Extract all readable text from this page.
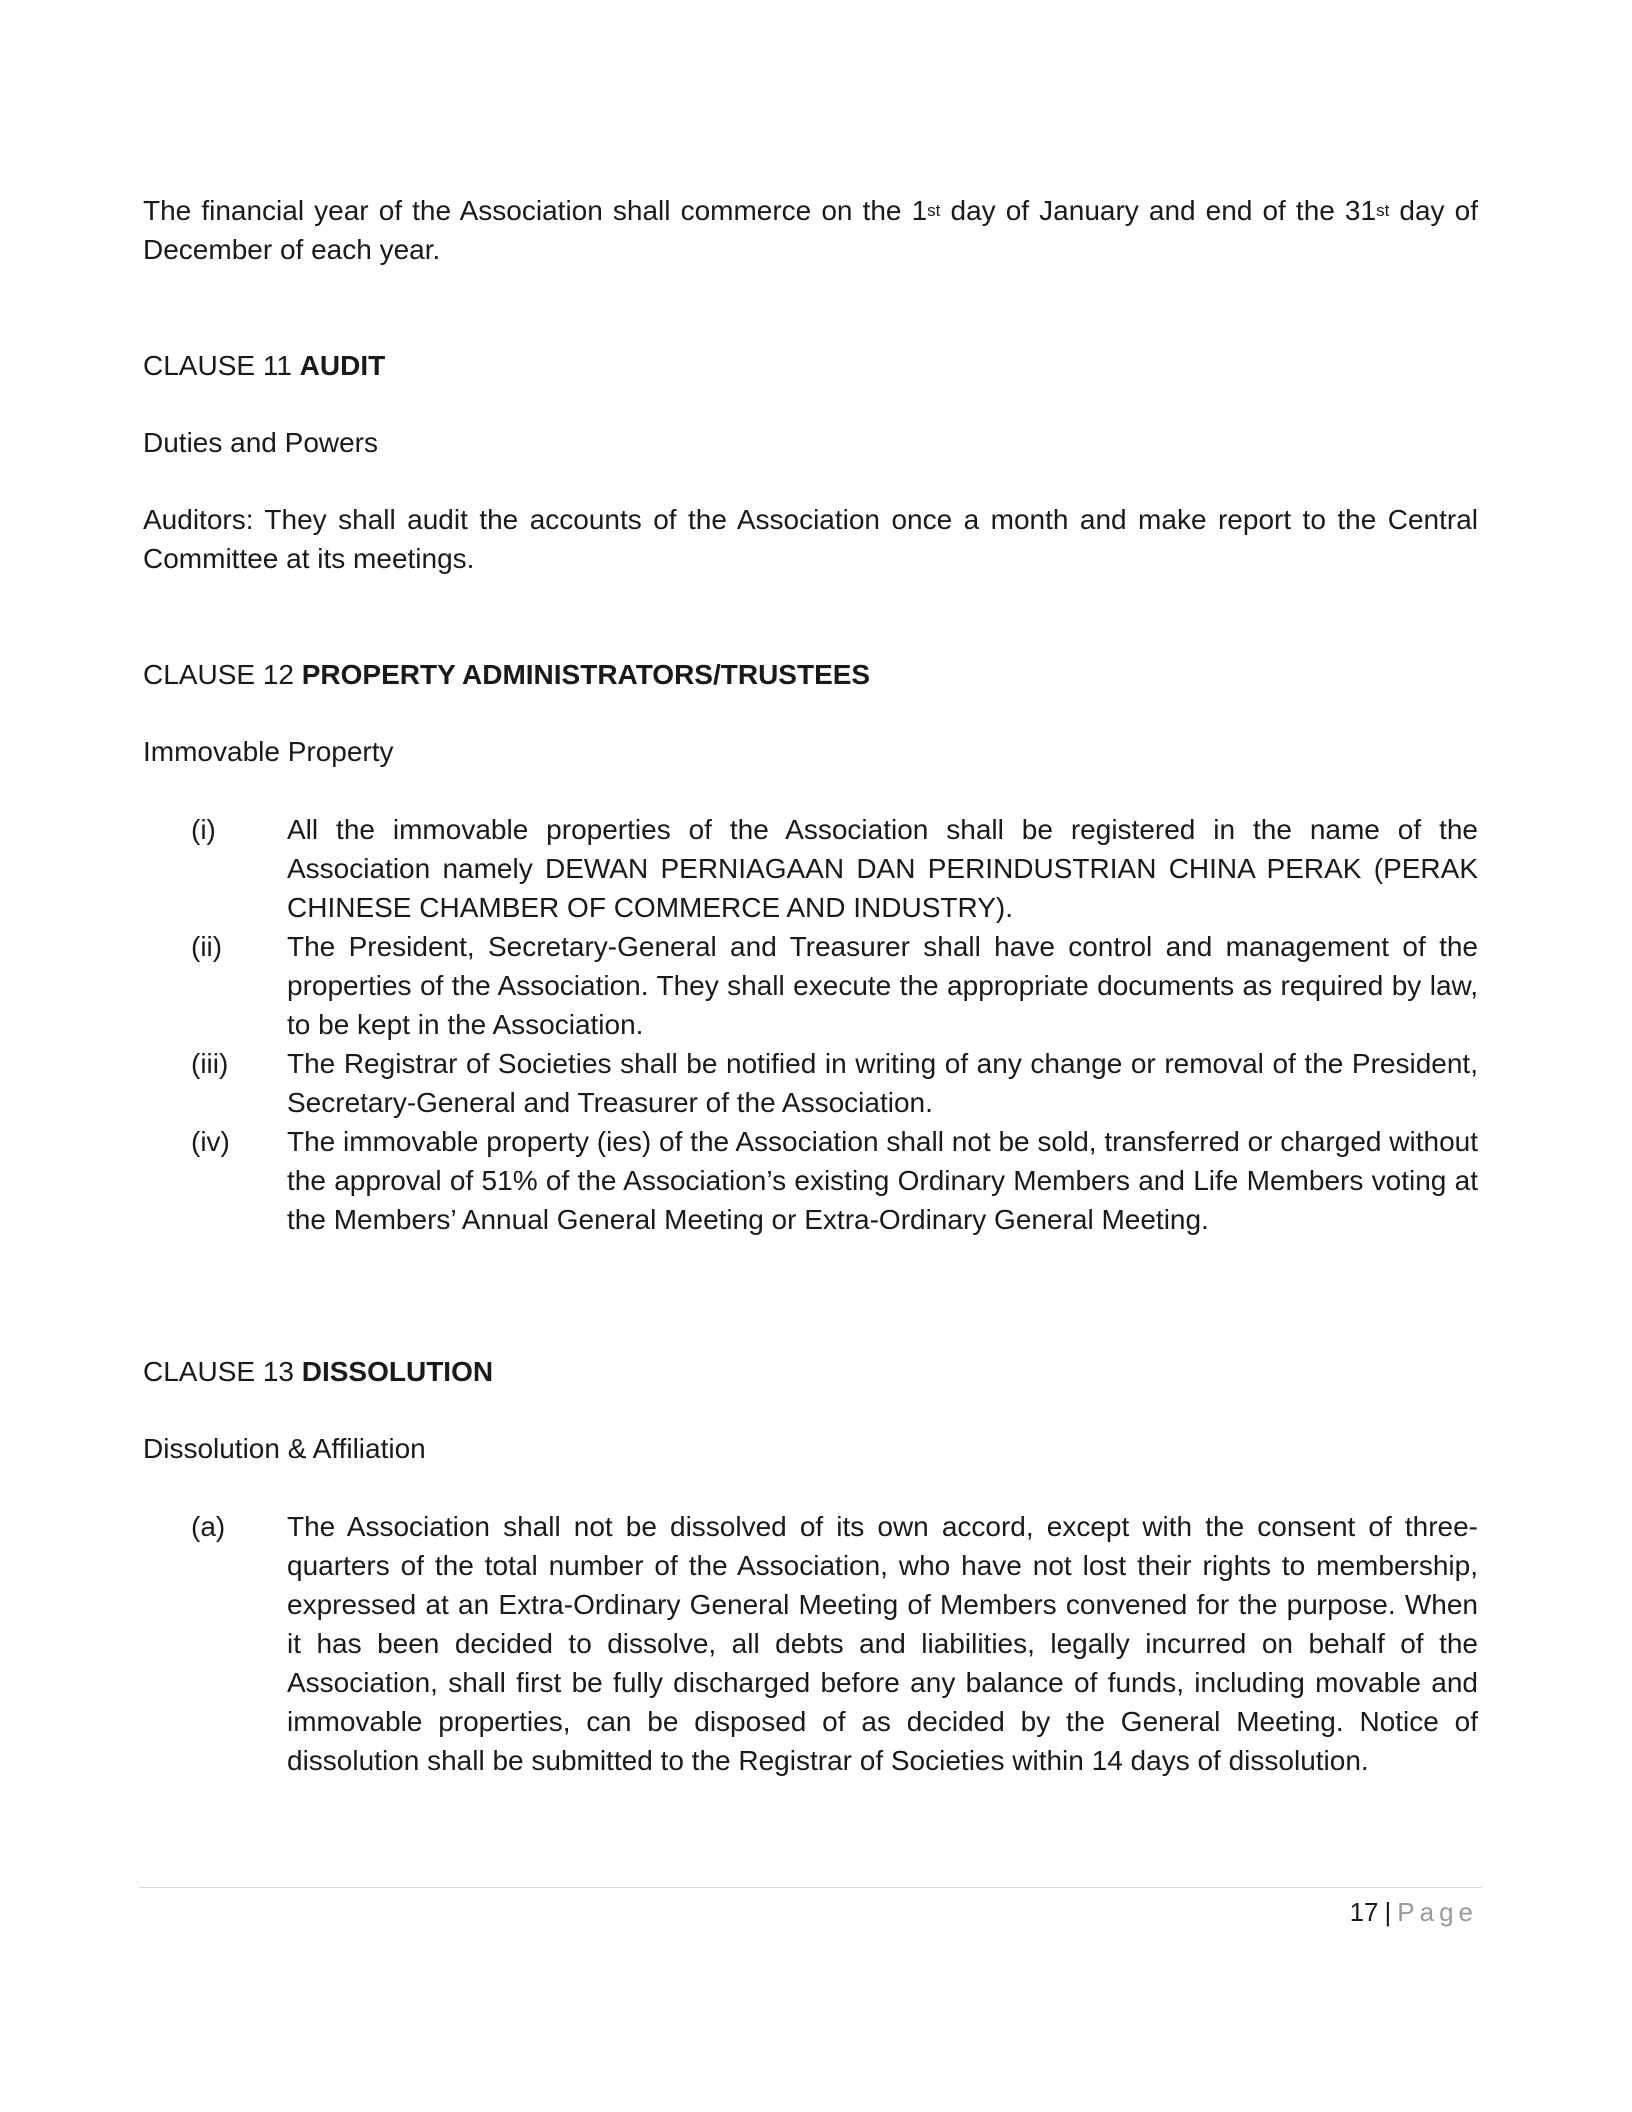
The financial year of the Association shall commerce on the 1st day of January and end of the 31st day of December of each year.
CLAUSE 11 AUDIT
Duties and Powers
Auditors: They shall audit the accounts of the Association once a month and make report to the Central Committee at its meetings.
CLAUSE 12 PROPERTY ADMINISTRATORS/TRUSTEES
Immovable Property
(i)	All the immovable properties of the Association shall be registered in the name of the Association namely DEWAN PERNIAGAAN DAN PERINDUSTRIAN CHINA PERAK (PERAK CHINESE CHAMBER OF COMMERCE AND INDUSTRY).
(ii)	The President, Secretary-General and Treasurer shall have control and management of the properties of the Association. They shall execute the appropriate documents as required by law, to be kept in the Association.
(iii)	The Registrar of Societies shall be notified in writing of any change or removal of the President, Secretary-General and Treasurer of the Association.
(iv)	The immovable property (ies) of the Association shall not be sold, transferred or charged without the approval of 51% of the Association’s existing Ordinary Members and Life Members voting at the Members’ Annual General Meeting or Extra-Ordinary General Meeting.
CLAUSE 13 DISSOLUTION
Dissolution & Affiliation
(a)	The Association shall not be dissolved of its own accord, except with the consent of three-quarters of the total number of the Association, who have not lost their rights to membership, expressed at an Extra-Ordinary General Meeting of Members convened for the purpose. When it has been decided to dissolve, all debts and liabilities, legally incurred on behalf of the Association, shall first be fully discharged before any balance of funds, including movable and immovable properties, can be disposed of as decided by the General Meeting. Notice of dissolution shall be submitted to the Registrar of Societies within 14 days of dissolution.
17 | Page
